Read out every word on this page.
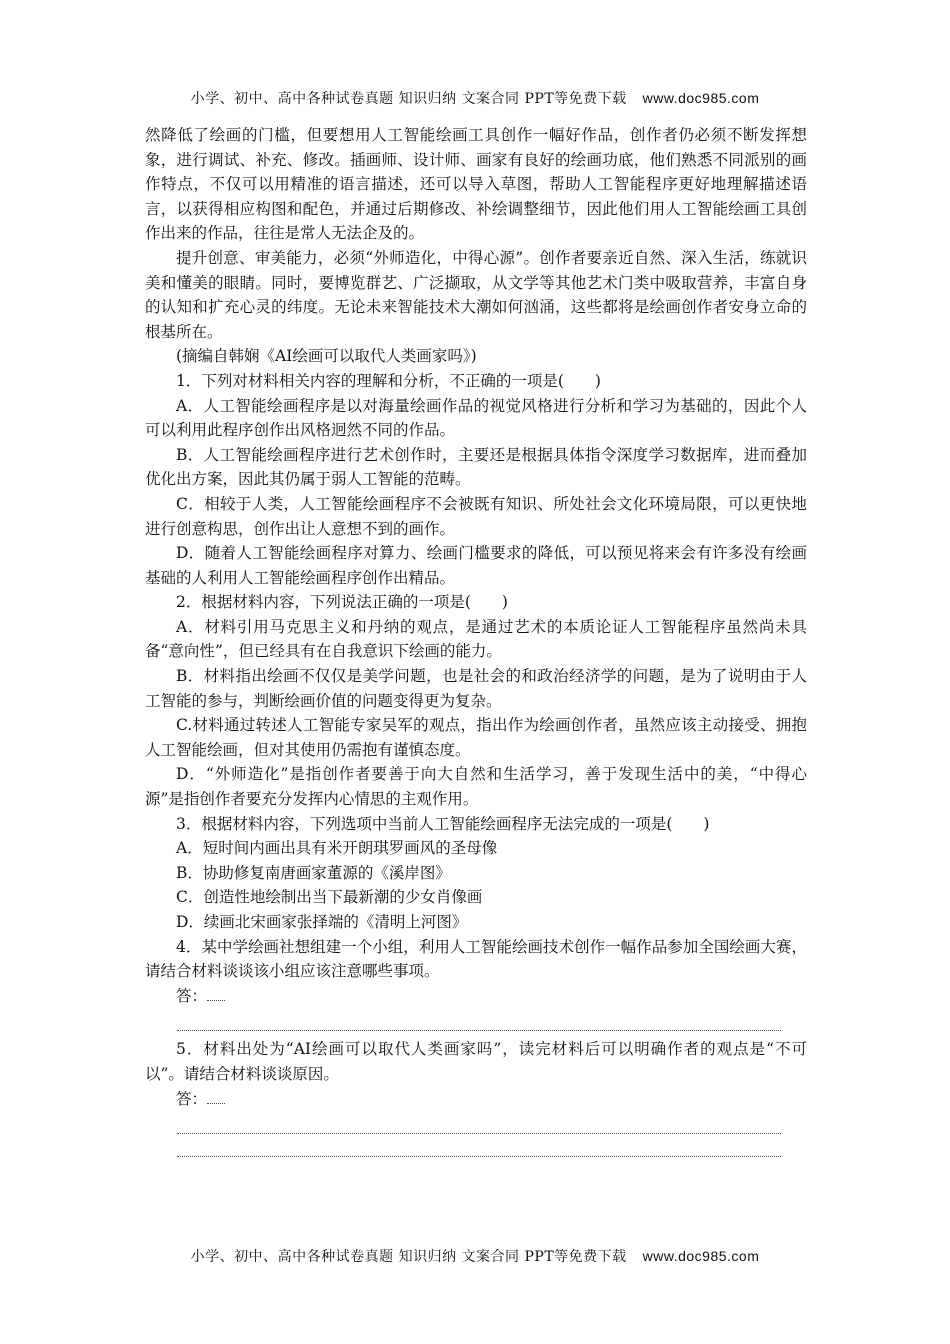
小学、初中、高中各种试卷真题 知识归纳 文案合同 PPT等免费下载 www.doc985.com

然降低了绘画的门槛，但要想用人工智能绘画工具创作一幅好作品，创作者仍必须不断发挥想象，进行调试、补充、修改。插画师、设计师、画家有良好的绘画功底，他们熟悉不同派别的画作特点，不仅可以用精准的语言描述，还可以导入草图，帮助人工智能程序更好地理解描述语言，以获得相应构图和配色，并通过后期修改、补绘调整细节，因此他们用人工智能绘画工具创作出来的作品，往往是常人无法企及的。

提升创意、审美能力，必须“外师造化，中得心源”。创作者要亲近自然、深入生活，练就识美和懂美的眼睛。同时，要博览群艺、广泛撷取，从文学等其他艺术门类中吸取营养，丰富自身的认知和扩充心灵的纬度。无论未来智能技术大潮如何汹涌，这些都将是绘画创作者安身立命的根基所在。

(摘编自韩娴《AI绘画可以取代人类画家吗》)

1．下列对材料相关内容的理解和分析，不正确的一项是(　　)

A．人工智能绘画程序是以对海量绘画作品的视觉风格进行分析和学习为基础的，因此个人可以利用此程序创作出风格迥然不同的作品。

B．人工智能绘画程序进行艺术创作时，主要还是根据具体指令深度学习数据库，进而叠加优化出方案，因此其仍属于弱人工智能的范畴。

C．相较于人类，人工智能绘画程序不会被既有知识、所处社会文化环境局限，可以更快地进行创意构思，创作出让人意想不到的画作。

D．随着人工智能绘画程序对算力、绘画门槛要求的降低，可以预见将来会有许多没有绘画基础的人利用人工智能绘画程序创作出精品。

2．根据材料内容，下列说法正确的一项是(　　)

A．材料引用马克思主义和丹纳的观点，是通过艺术的本质论证人工智能程序虽然尚未具备“意向性”，但已经具有在自我意识下绘画的能力。

B．材料指出绘画不仅仅是美学问题，也是社会的和政治经济学的问题，是为了说明由于人工智能的参与，判断绘画价值的问题变得更为复杂。

C.材料通过转述人工智能专家吴军的观点，指出作为绘画创作者，虽然应该主动接受、拥抱人工智能绘画，但对其使用仍需抱有谨慎态度。

D．“外师造化”是指创作者要善于向大自然和生活学习，善于发现生活中的美，“中得心源”是指创作者要充分发挥内心情思的主观作用。

3．根据材料内容，下列选项中当前人工智能绘画程序无法完成的一项是(　　)

A．短时间内画出具有米开朗琪罗画风的圣母像

B．协助修复南唐画家董源的《溪岸图》

C．创造性地绘制出当下最新潮的少女肖像画

D．续画北宋画家张择端的《清明上河图》

4．某中学绘画社想组建一个小组，利用人工智能绘画技术创作一幅作品参加全国绘画大赛，请结合材料谈谈该小组应该注意哪些事项。

答：

5．材料出处为“AI绘画可以取代人类画家吗”，读完材料后可以明确作者的观点是“不可以”。请结合材料谈谈原因。

答：

小学、初中、高中各种试卷真题 知识归纳 文案合同 PPT等免费下载 www.doc985.com
